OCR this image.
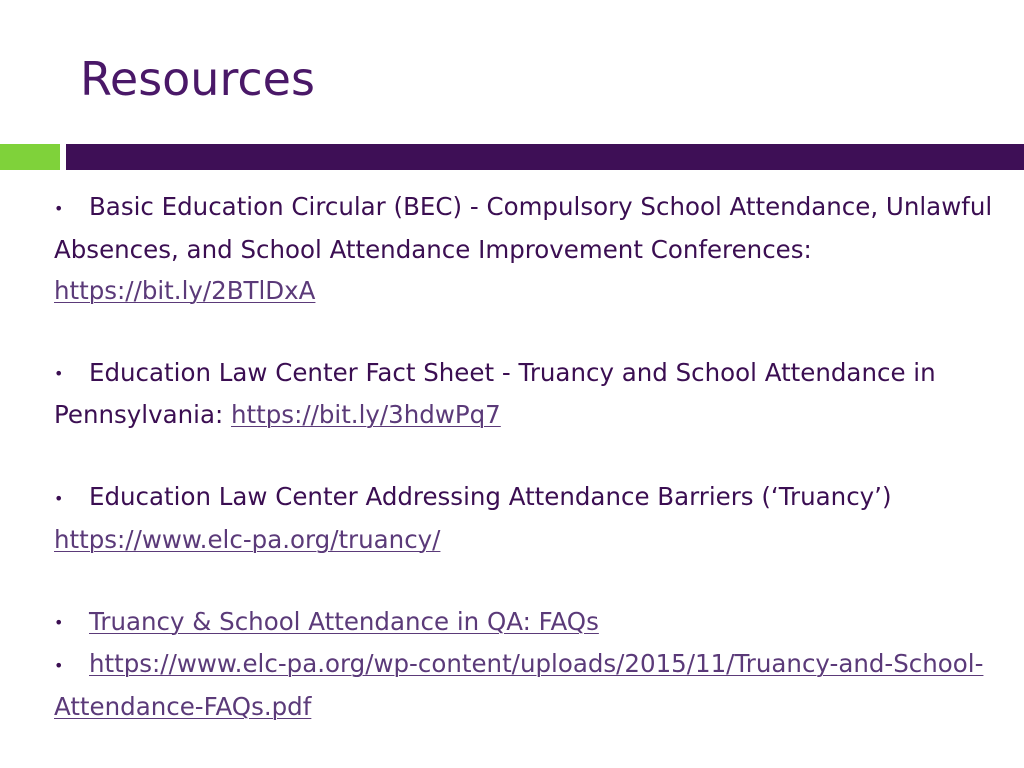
Resources

• Basic Education Circular (BEC) - Compulsory School Attendance, Unlawful Absences, and School Attendance Improvement Conferences: https://bit.ly/2BTlDxA

• Education Law Center Fact Sheet - Truancy and School Attendance in Pennsylvania: https://bit.ly/3hdwPq7

• Education Law Center Addressing Attendance Barriers (‘Truancy’) https://www.elc-pa.org/truancy/

• Truancy & School Attendance in QA: FAQs

• https://www.elc-pa.org/wp-content/uploads/2015/11/Truancy-and-School-Attendance-FAQs.pdf
